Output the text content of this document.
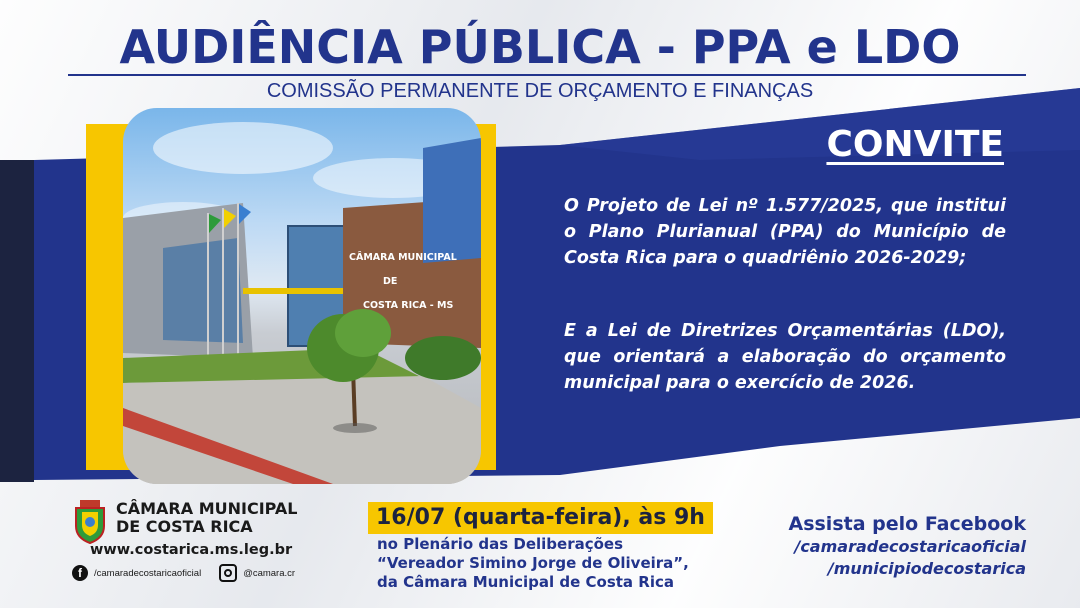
AUDIÊNCIA PÚBLICA - PPA e LDO
COMISSÃO PERMANENTE DE ORÇAMENTO E FINANÇAS
CÂMARA MUNICIPAL
DE
COSTA RICA - MS
CONVITE
O Projeto de Lei nº 1.577/2025, que institui o Plano Plurianual (PPA) do Município de Costa Rica para o quadriênio 2026-2029;
E a Lei de Diretrizes Orçamentárias (LDO), que orientará a elaboração do orçamento municipal para o exercício de 2026.
CÂMARA MUNICIPAL
DE COSTA RICA
www.costarica.ms.leg.br
f	/camaradecostaricaoficial	@camara.cr
16/07 (quarta-feira), às 9h
no Plenário das Deliberações
“Vereador Simino Jorge de Oliveira”,
da Câmara Municipal de Costa Rica
Assista pelo Facebook
/camaradecostaricaoficial
/municipiodecostarica
